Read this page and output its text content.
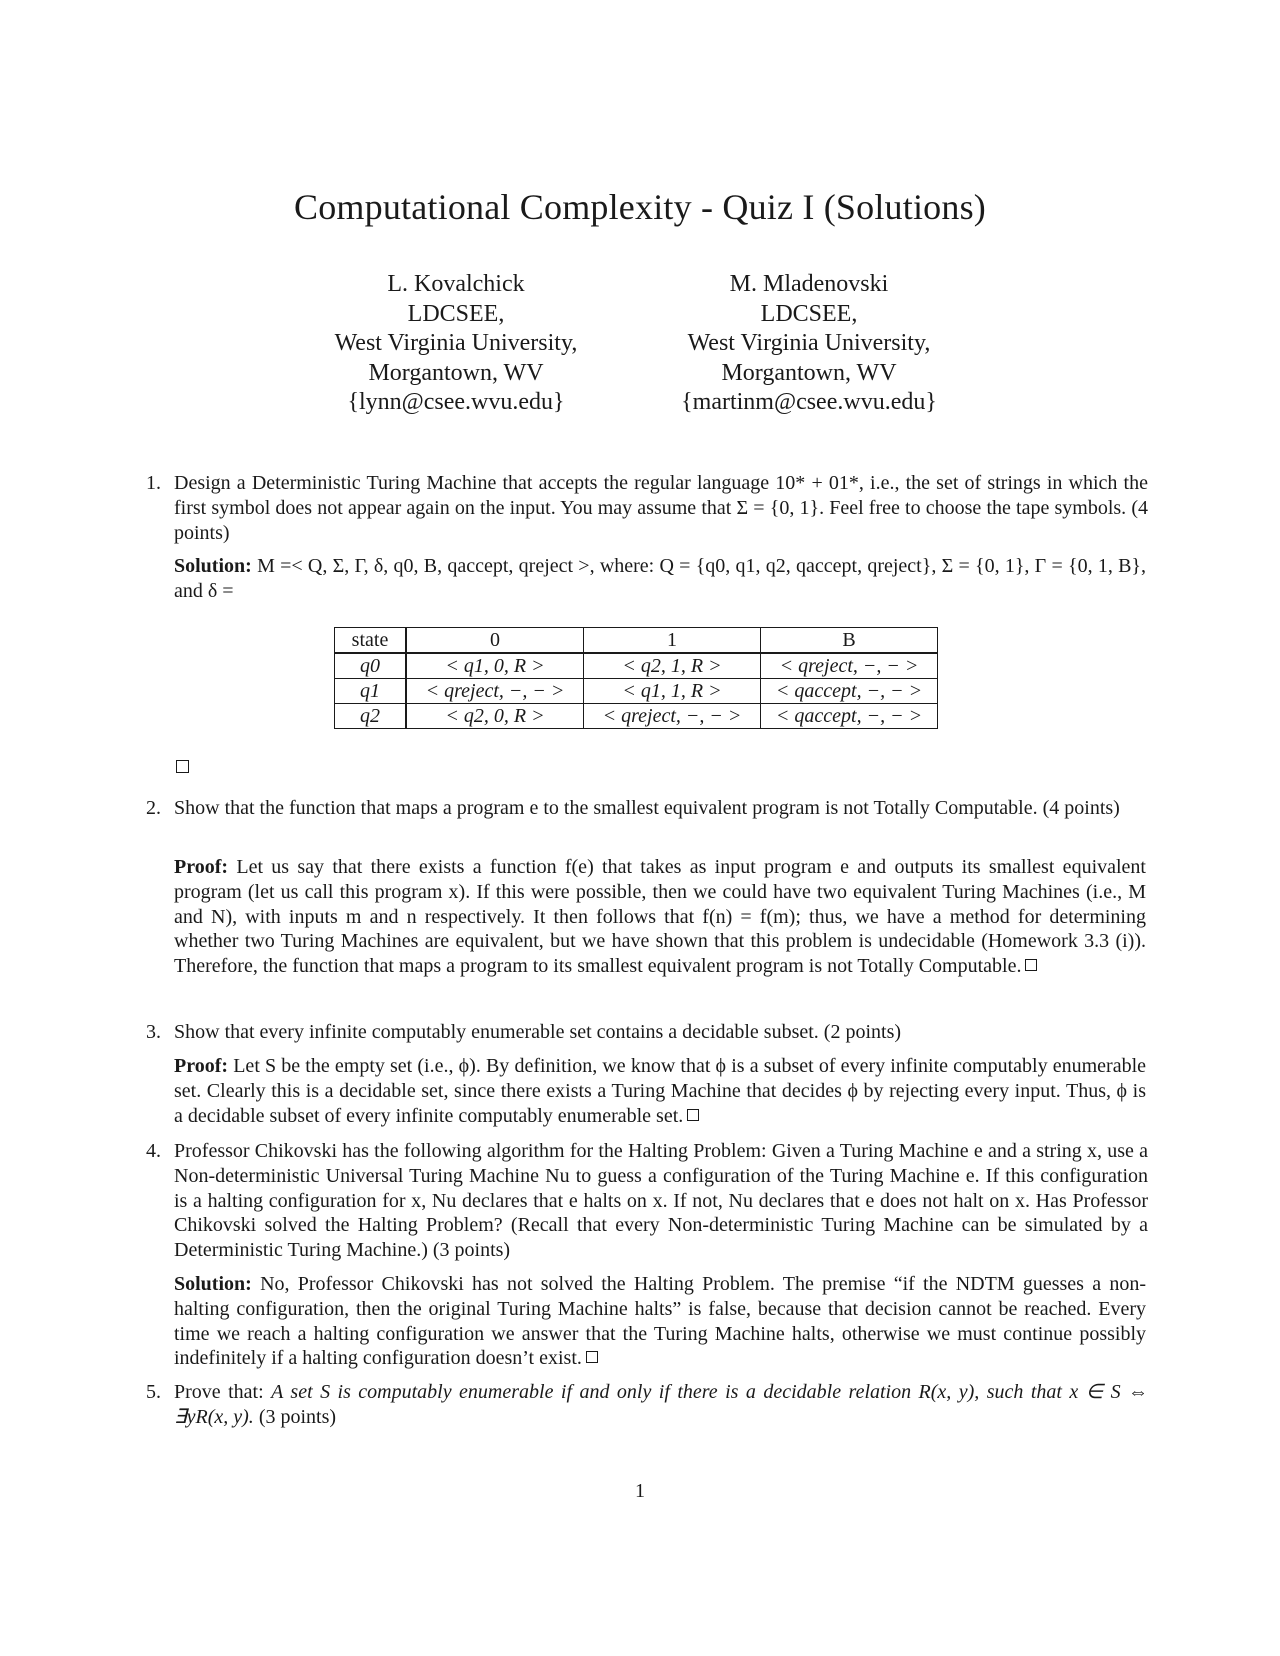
Computational Complexity - Quiz I (Solutions)
L. Kovalchick
LDCSEE,
West Virginia University,
Morgantown, WV
{lynn@csee.wvu.edu}
M. Mladenovski
LDCSEE,
West Virginia University,
Morgantown, WV
{martinm@csee.wvu.edu}
1. Design a Deterministic Turing Machine that accepts the regular language 10* + 01*, i.e., the set of strings in which the first symbol does not appear again on the input. You may assume that Σ = {0, 1}. Feel free to choose the tape symbols. (4 points)
Solution: M =< Q, Σ, Γ, δ, q0, B, qaccept, qreject >, where: Q = {q0, q1, q2, qaccept, qreject}, Σ = {0, 1}, Γ = {0, 1, B}, and δ =
state	0	1	B
q0	< q1, 0, R >	< q2, 1, R >	< qreject, −, − >
q1	< qreject, −, − >	< q1, 1, R >	< qaccept, −, − >
q2	< q2, 0, R >	< qreject, −, − >	< qaccept, −, − >
2. Show that the function that maps a program e to the smallest equivalent program is not Totally Computable. (4 points)
Proof: Let us say that there exists a function f(e) that takes as input program e and outputs its smallest equivalent program (let us call this program x). If this were possible, then we could have two equivalent Turing Machines (i.e., M and N), with inputs m and n respectively. It then follows that f(n) = f(m); thus, we have a method for determining whether two Turing Machines are equivalent, but we have shown that this problem is undecidable (Homework 3.3 (i)). Therefore, the function that maps a program to its smallest equivalent program is not Totally Computable.
3. Show that every infinite computably enumerable set contains a decidable subset. (2 points)
Proof: Let S be the empty set (i.e., ϕ). By definition, we know that ϕ is a subset of every infinite computably enumerable set. Clearly this is a decidable set, since there exists a Turing Machine that decides ϕ by rejecting every input. Thus, ϕ is a decidable subset of every infinite computably enumerable set.
4. Professor Chikovski has the following algorithm for the Halting Problem: Given a Turing Machine e and a string x, use a Non-deterministic Universal Turing Machine Nu to guess a configuration of the Turing Machine e. If this configuration is a halting configuration for x, Nu declares that e halts on x. If not, Nu declares that e does not halt on x. Has Professor Chikovski solved the Halting Problem? (Recall that every Non-deterministic Turing Machine can be simulated by a Deterministic Turing Machine.) (3 points)
Solution: No, Professor Chikovski has not solved the Halting Problem. The premise “if the NDTM guesses a non-halting configuration, then the original Turing Machine halts” is false, because that decision cannot be reached. Every time we reach a halting configuration we answer that the Turing Machine halts, otherwise we must continue possibly indefinitely if a halting configuration doesn’t exist.
5. Prove that: A set S is computably enumerable if and only if there is a decidable relation R(x, y), such that x ∈ S ⇔ ∃yR(x, y). (3 points)
1
